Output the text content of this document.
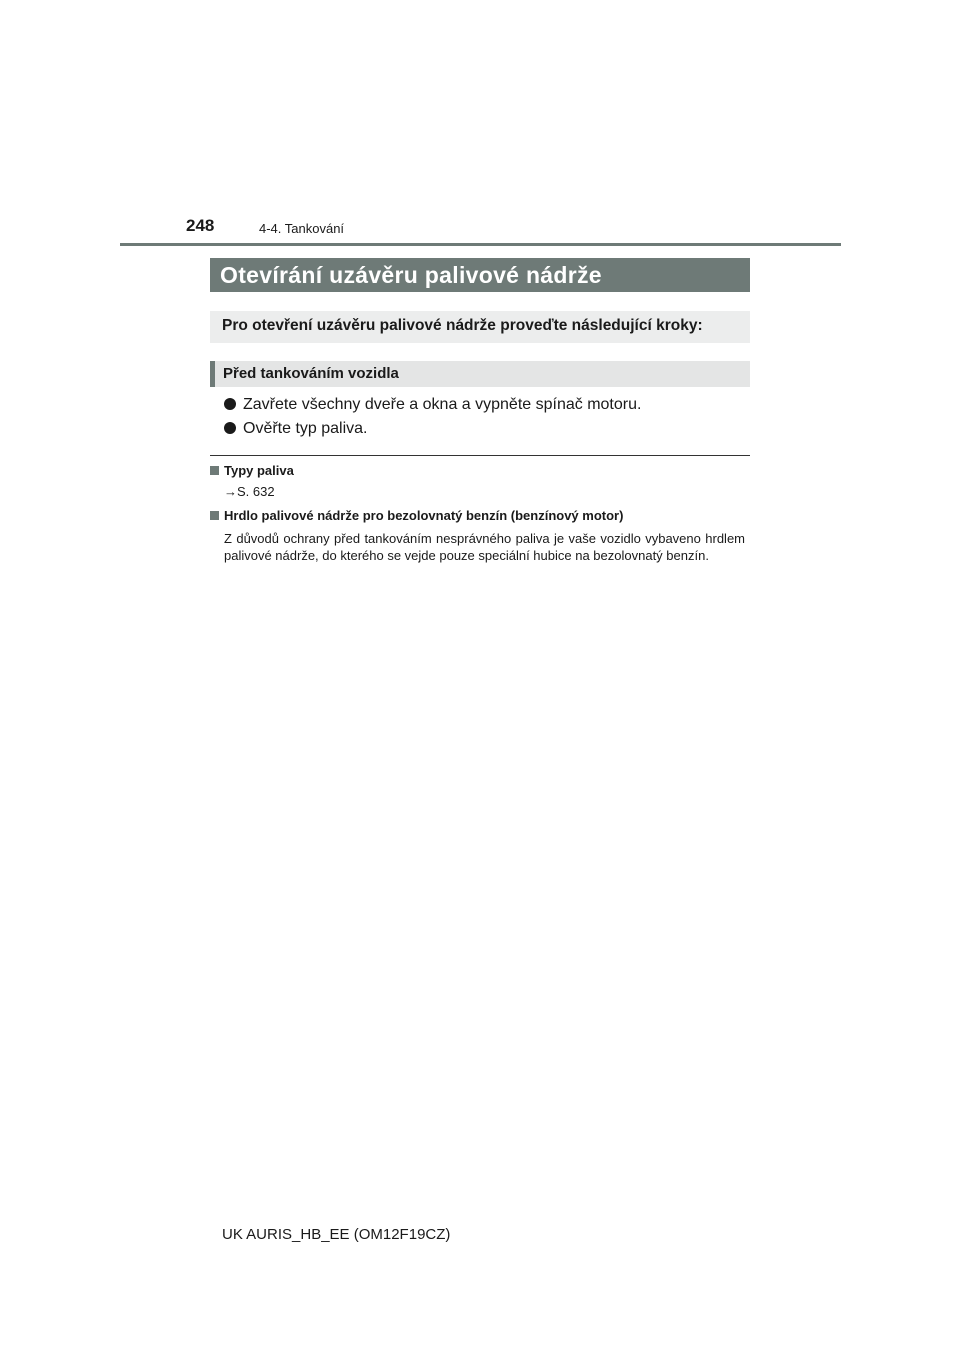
248	4-4. Tankování
Otevírání uzávěru palivové nádrže
Pro otevření uzávěru palivové nádrže proveďte následující kroky:
Před tankováním vozidla
Zavřete všechny dveře a okna a vypněte spínač motoru.
Ověřte typ paliva.
Typy paliva
→S. 632
Hrdlo palivové nádrže pro bezolovnatý benzín (benzínový motor)
Z důvodů ochrany před tankováním nesprávného paliva je vaše vozidlo vybaveno hrdlem palivové nádrže, do kterého se vejde pouze speciální hubice na bezolovnatý benzín.
UK AURIS_HB_EE (OM12F19CZ)
